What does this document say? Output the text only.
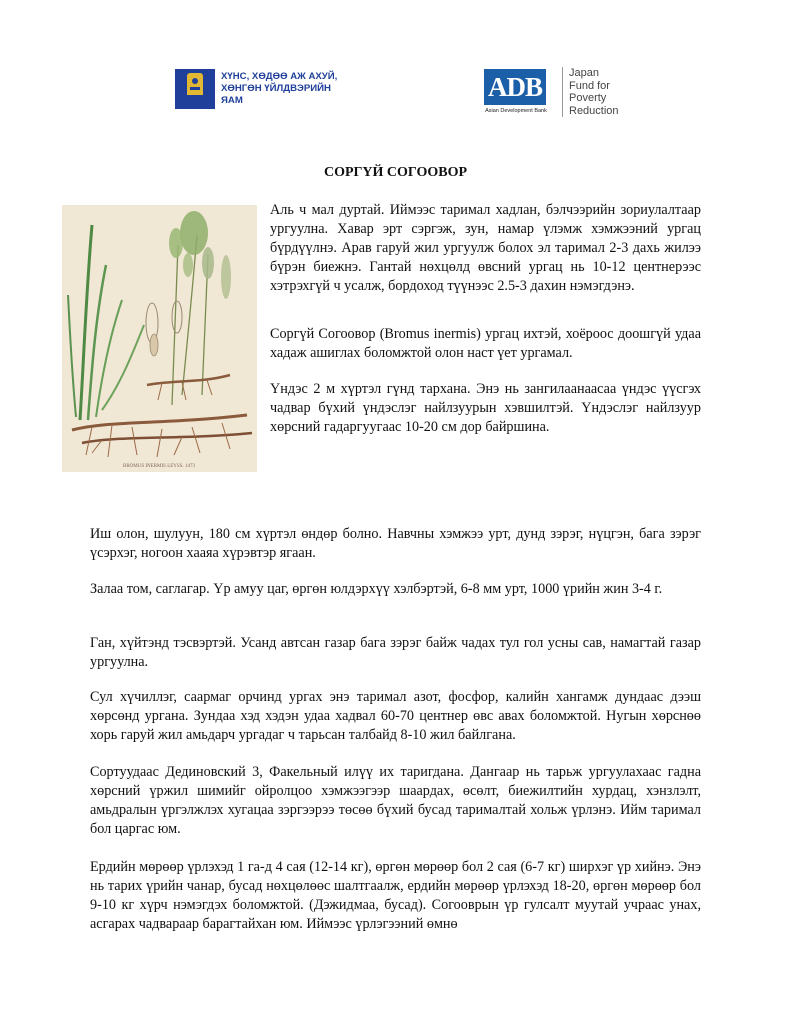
ХҮНС, ХӨДӨӨ АЖ АХУЙ,
ХӨНГӨН ҮЙЛДВЭРИЙН ЯАМ	ADB
Asian Development Bank
Japan
Fund for
Poverty
Reduction
СОРГҮЙ СОГООВОР
BROMUS INERMIS LEYSS. 1473

Аль ч мал дуртай. Иймээс таримал хадлан, бэлчээрийн зориулалтаар ургуулна. Хавар эрт сэргэж, зун, намар үлэмж хэмжээний ургац бүрдүүлнэ. Арав гаруй жил ургуулж болох эл таримал 2-3 дахь жилээ бүрэн биежнэ. Гантай нөхцөлд өвсний ургац нь 10-12 центнерээс хэтрэхгүй ч усалж, бордоход түүнээс 2.5-3 дахин нэмэгдэнэ.

Соргүй Согоовор (Bromus inermis) ургац ихтэй, хоёроос доошгүй удаа хадаж ашиглах боломжтой олон наст үет ургамал.

Үндэс 2 м хүртэл гүнд тархана. Энэ нь зангилаанаасаа үндэс үүсгэх чадвар бүхий үндэслэг найлзуурын хэвшилтэй. Үндэслэг найлзуур хөрсний гадаргуугаас 10-20 см дор байршина.

Иш олон, шулуун, 180 см хүртэл өндөр болно. Навчны хэмжээ урт, дунд зэрэг, нүцгэн, бага зэрэг үсэрхэг, ногоон хааяа хүрэвтэр ягаан.

Залаа том, саглагар. Үр амуу цаг, өргөн юлдэрхүү хэлбэртэй, 6-8 мм урт, 1000 үрийн жин 3-4 г.

Ган, хүйтэнд тэсвэртэй. Усанд автсан газар бага зэрэг байж чадах тул гол усны сав, намагтай газар ургуулна.

Сул хүчиллэг, саармаг орчинд ургах энэ таримал азот, фосфор, калийн хангамж дундаас дээш хөрсөнд ургана. Зундаа хэд хэдэн удаа хадвал 60-70 центнер өвс авах боломжтой. Нугын хөрснөө хорь гаруй жил амьдарч ургадаг ч тарьсан талбайд 8-10 жил байлгана.

Сортуудаас Дединовский 3, Факельный илүү их таригдана. Дангаар нь тарьж ургуулахаас гадна хөрсний үржил шимийг ойролцоо хэмжээгээр шаардах, өсөлт, биежилтийн хурдац, хэнзлэлт, амьдралын үргэлжлэх хугацаа зэргээрээ төсөө бүхий бусад тарималтай хольж үрлэнэ. Ийм таримал бол царгас юм.

Ердийн мөрөөр үрлэхэд 1 га-д 4 сая (12-14 кг), өргөн мөрөөр бол 2 сая (6-7 кг) ширхэг үр хийнэ. Энэ нь тарих үрийн чанар, бусад нөхцөлөөс шалтгаалж, ердийн мөрөөр үрлэхэд 18-20, өргөн мөрөөр бол 9-10 кг хүрч нэмэгдэх боломжтой. (Дэжидмаа, бусад). Согооврын үр гулсалт муутай учраас унах, асгарах чадвараар барагтайхан юм. Иймээс үрлэгээний өмнө
